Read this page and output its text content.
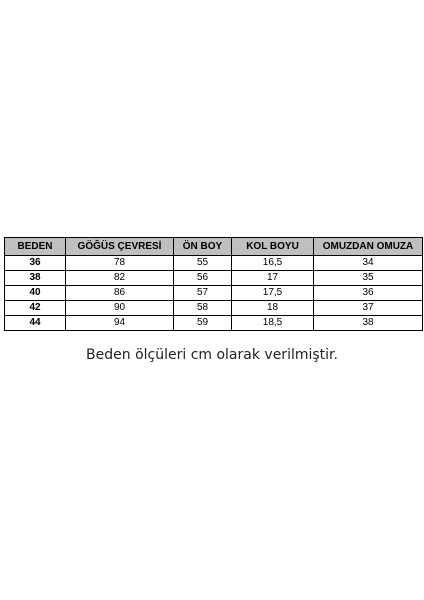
BEDEN	GÖĞÜS ÇEVRESİ	ÖN BOY	KOL BOYU	OMUZDAN OMUZA
36	78	55	16,5	34
38	82	56	17	35
40	86	57	17,5	36
42	90	58	18	37
44	94	59	18,5	38
Beden ölçüleri cm olarak verilmiştir.
